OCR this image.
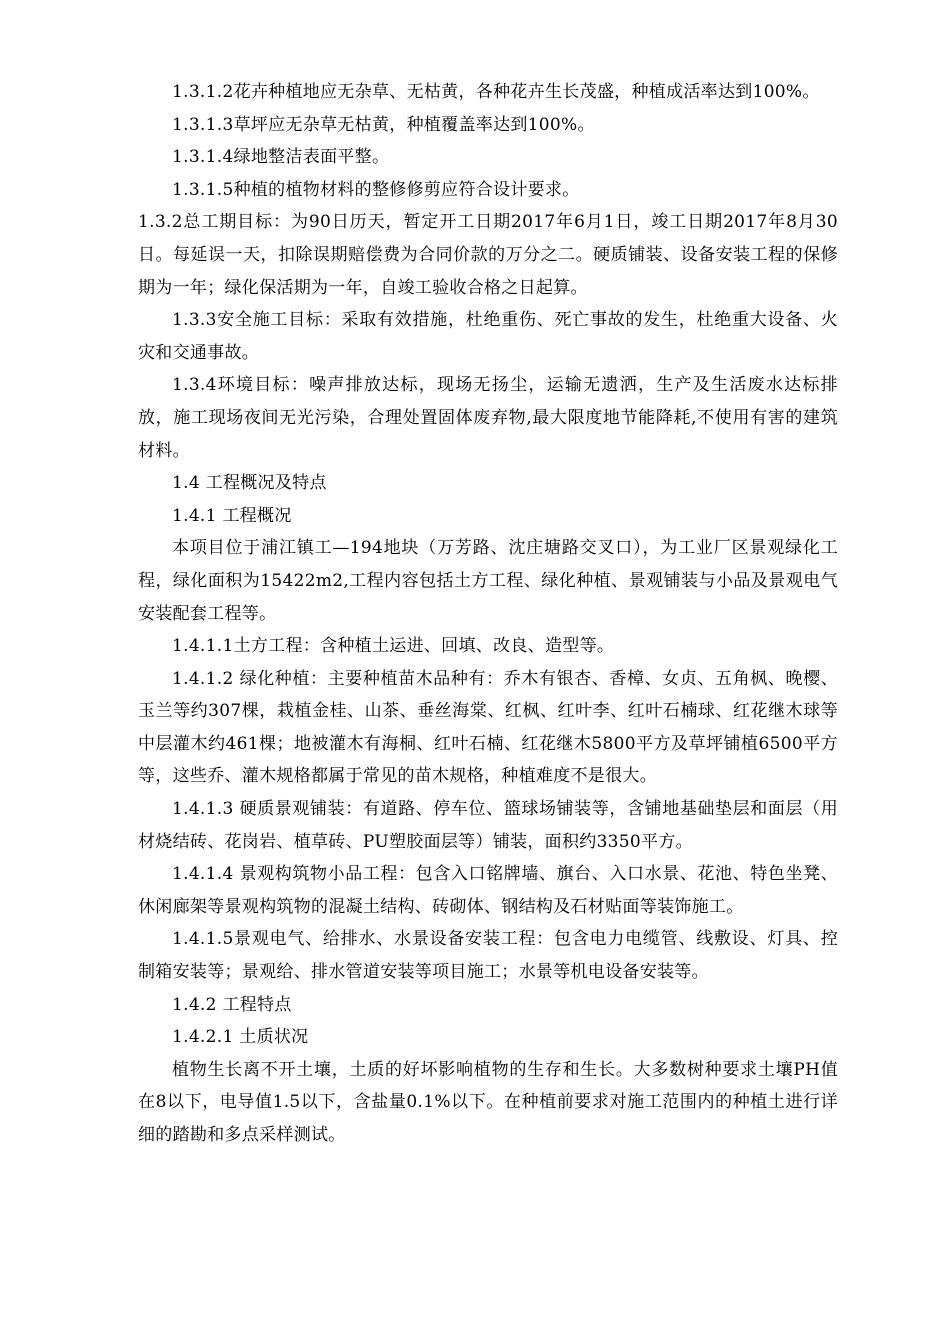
1.3.1.2花卉种植地应无杂草、无枯黄，各种花卉生长茂盛，种植成活率达到100%。

1.3.1.3草坪应无杂草无枯黄，种植覆盖率达到100%。

1.3.1.4绿地整洁表面平整。

1.3.1.5种植的植物材料的整修修剪应符合设计要求。

1.3.2总工期目标：为90日历天，暂定开工日期2017年6月1日，竣工日期2017年8月30日。每延误一天，扣除误期赔偿费为合同价款的万分之二。硬质铺装、设备安装工程的保修期为一年；绿化保活期为一年，自竣工验收合格之日起算。

1.3.3安全施工目标：采取有效措施，杜绝重伤、死亡事故的发生，杜绝重大设备、火灾和交通事故。

1.3.4环境目标：噪声排放达标，现场无扬尘，运输无遗洒，生产及生活废水达标排放，施工现场夜间无光污染，合理处置固体废弃物,最大限度地节能降耗,不使用有害的建筑材料。

1.4 工程概况及特点

1.4.1 工程概况

本项目位于浦江镇工—194地块（万芳路、沈庄塘路交叉口），为工业厂区景观绿化工程，绿化面积为15422m2,工程内容包括土方工程、绿化种植、景观铺装与小品及景观电气安装配套工程等。

1.4.1.1土方工程：含种植土运进、回填、改良、造型等。

1.4.1.2 绿化种植：主要种植苗木品种有：乔木有银杏、香樟、女贞、五角枫、晚樱、玉兰等约307棵，栽植金桂、山茶、垂丝海棠、红枫、红叶李、红叶石楠球、红花继木球等中层灌木约461棵；地被灌木有海桐、红叶石楠、红花继木5800平方及草坪铺植6500平方等，这些乔、灌木规格都属于常见的苗木规格，种植难度不是很大。

1.4.1.3 硬质景观铺装：有道路、停车位、篮球场铺装等，含铺地基础垫层和面层（用材烧结砖、花岗岩、植草砖、PU塑胶面层等）铺装，面积约3350平方。

1.4.1.4 景观构筑物小品工程：包含入口铭牌墙、旗台、入口水景、花池、特色坐凳、休闲廊架等景观构筑物的混凝土结构、砖砌体、钢结构及石材贴面等装饰施工。

1.4.1.5景观电气、给排水、水景设备安装工程：包含电力电缆管、线敷设、灯具、控制箱安装等；景观给、排水管道安装等项目施工；水景等机电设备安装等。

1.4.2 工程特点

1.4.2.1 土质状况

植物生长离不开土壤，土质的好坏影响植物的生存和生长。大多数树种要求土壤PH值在8以下，电导值1.5以下，含盐量0.1%以下。在种植前要求对施工范围内的种植土进行详细的踏勘和多点采样测试。
